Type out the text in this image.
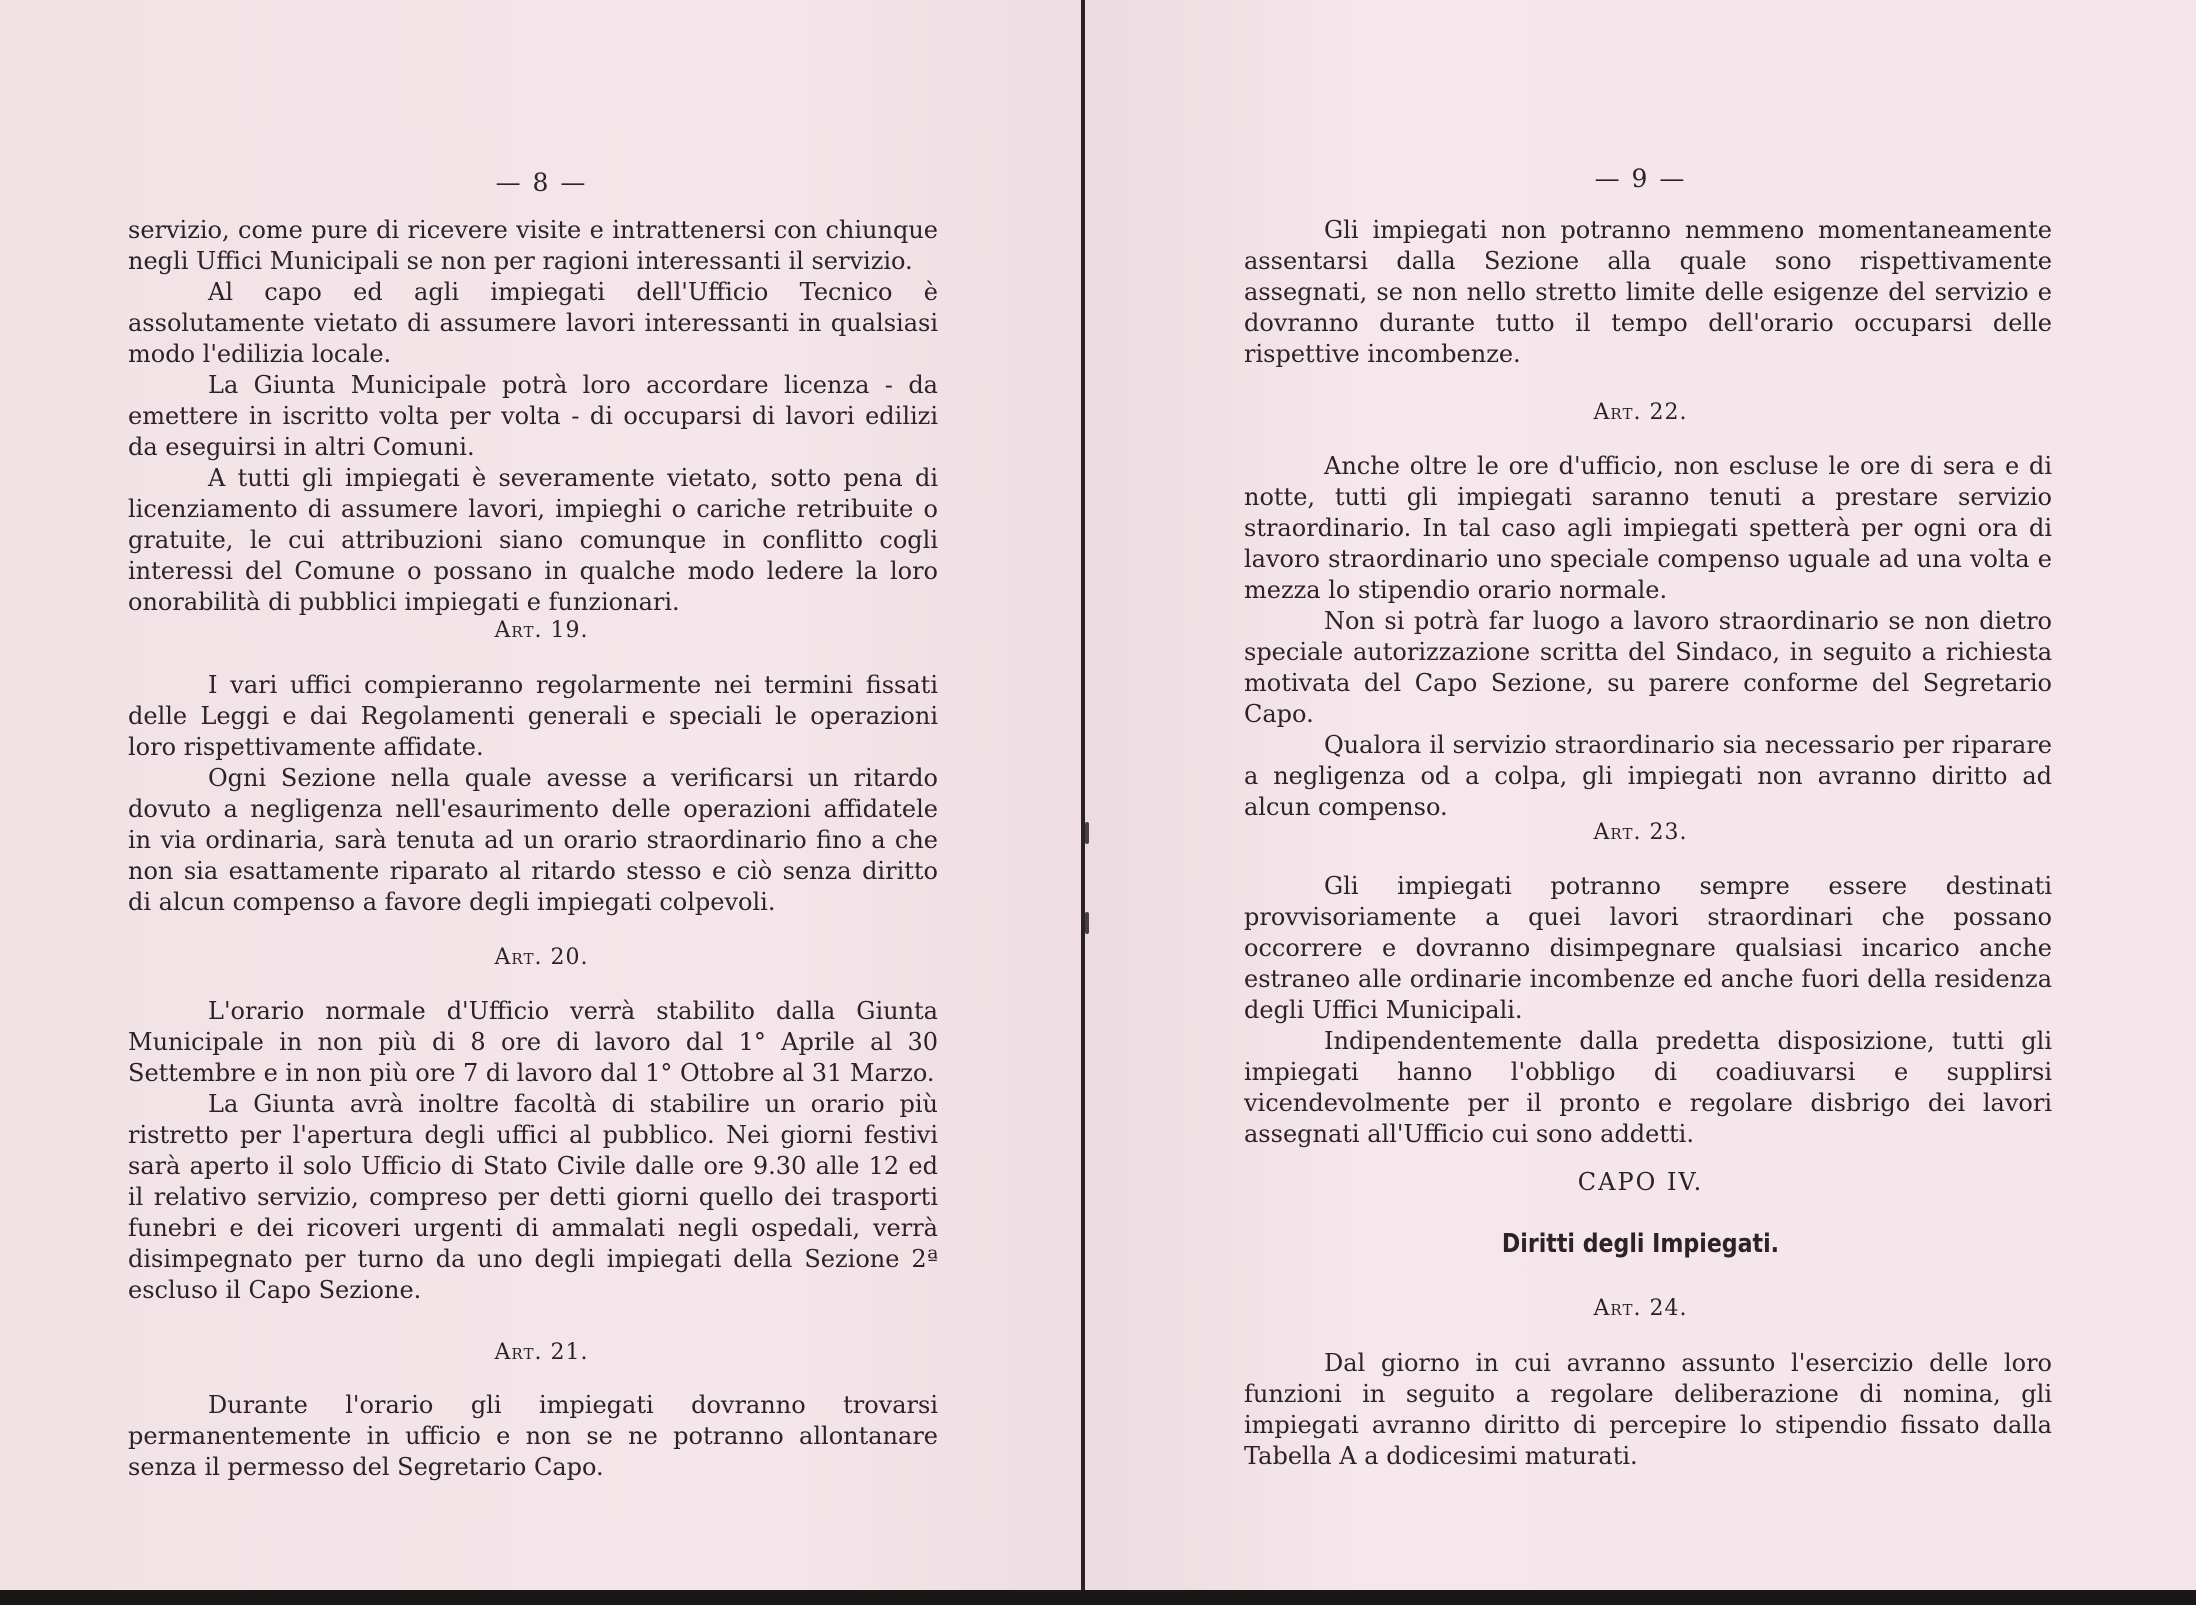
— 8 —

servizio, come pure di ricevere visite e intrattenersi con chiunque negli Uffici Municipali se non per ragioni interessanti il servizio.

Al capo ed agli impiegati dell'Ufficio Tecnico è assolutamente vietato di assumere lavori interessanti in qualsiasi modo l'edilizia locale.

La Giunta Municipale potrà loro accordare licenza - da emettere in iscritto volta per volta - di occuparsi di lavori edilizi da eseguirsi in altri Comuni.

A tutti gli impiegati è severamente vietato, sotto pena di licenziamento di assumere lavori, impieghi o cariche retribuite o gratuite, le cui attribuzioni siano comunque in conflitto cogli interessi del Comune o possano in qualche modo ledere la loro onorabilità di pubblici impiegati e funzionari.

Art. 19.

I vari uffici compieranno regolarmente nei termini fissati delle Leggi e dai Regolamenti generali e speciali le operazioni loro rispettivamente affidate.

Ogni Sezione nella quale avesse a verificarsi un ritardo dovuto a negligenza nell'esaurimento delle operazioni affidatele in via ordinaria, sarà tenuta ad un orario straordinario fino a che non sia esattamente riparato al ritardo stesso e ciò senza diritto di alcun compenso a favore degli impiegati colpevoli.

Art. 20.

L'orario normale d'Ufficio verrà stabilito dalla Giunta Municipale in non più di 8 ore di lavoro dal 1° Aprile al 30 Settembre e in non più ore 7 di lavoro dal 1° Ottobre al 31 Marzo.

La Giunta avrà inoltre facoltà di stabilire un orario più ristretto per l'apertura degli uffici al pubblico. Nei giorni festivi sarà aperto il solo Ufficio di Stato Civile dalle ore 9.30 alle 12 ed il relativo servizio, compreso per detti giorni quello dei trasporti funebri e dei ricoveri urgenti di ammalati negli ospedali, verrà disimpegnato per turno da uno degli impiegati della Sezione 2ª escluso il Capo Sezione.

Art. 21.

Durante l'orario gli impiegati dovranno trovarsi permanentemente in ufficio e non se ne potranno allontanare senza il permesso del Segretario Capo.

— 9 —

Gli impiegati non potranno nemmeno momentaneamente assentarsi dalla Sezione alla quale sono rispettivamente assegnati, se non nello stretto limite delle esigenze del servizio e dovranno durante tutto il tempo dell'orario occuparsi delle rispettive incombenze.

Art. 22.

Anche oltre le ore d'ufficio, non escluse le ore di sera e di notte, tutti gli impiegati saranno tenuti a prestare servizio straordinario. In tal caso agli impiegati spetterà per ogni ora di lavoro straordinario uno speciale compenso uguale ad una volta e mezza lo stipendio orario normale.

Non si potrà far luogo a lavoro straordinario se non dietro speciale autorizzazione scritta del Sindaco, in seguito a richiesta motivata del Capo Sezione, su parere conforme del Segretario Capo.

Qualora il servizio straordinario sia necessario per riparare a negligenza od a colpa, gli impiegati non avranno diritto ad alcun compenso.

Art. 23.

Gli impiegati potranno sempre essere destinati provvisoriamente a quei lavori straordinari che possano occorrere e dovranno disimpegnare qualsiasi incarico anche estraneo alle ordinarie incombenze ed anche fuori della residenza degli Uffici Municipali.

Indipendentemente dalla predetta disposizione, tutti gli impiegati hanno l'obbligo di coadiuvarsi e supplirsi vicendevolmente per il pronto e regolare disbrigo dei lavori assegnati all'Ufficio cui sono addetti.

CAPO IV.
Diritti degli Impiegati.
Art. 24.

Dal giorno in cui avranno assunto l'esercizio delle loro funzioni in seguito a regolare deliberazione di nomina, gli impiegati avranno diritto di percepire lo stipendio fissato dalla Tabella A a dodicesimi maturati.
